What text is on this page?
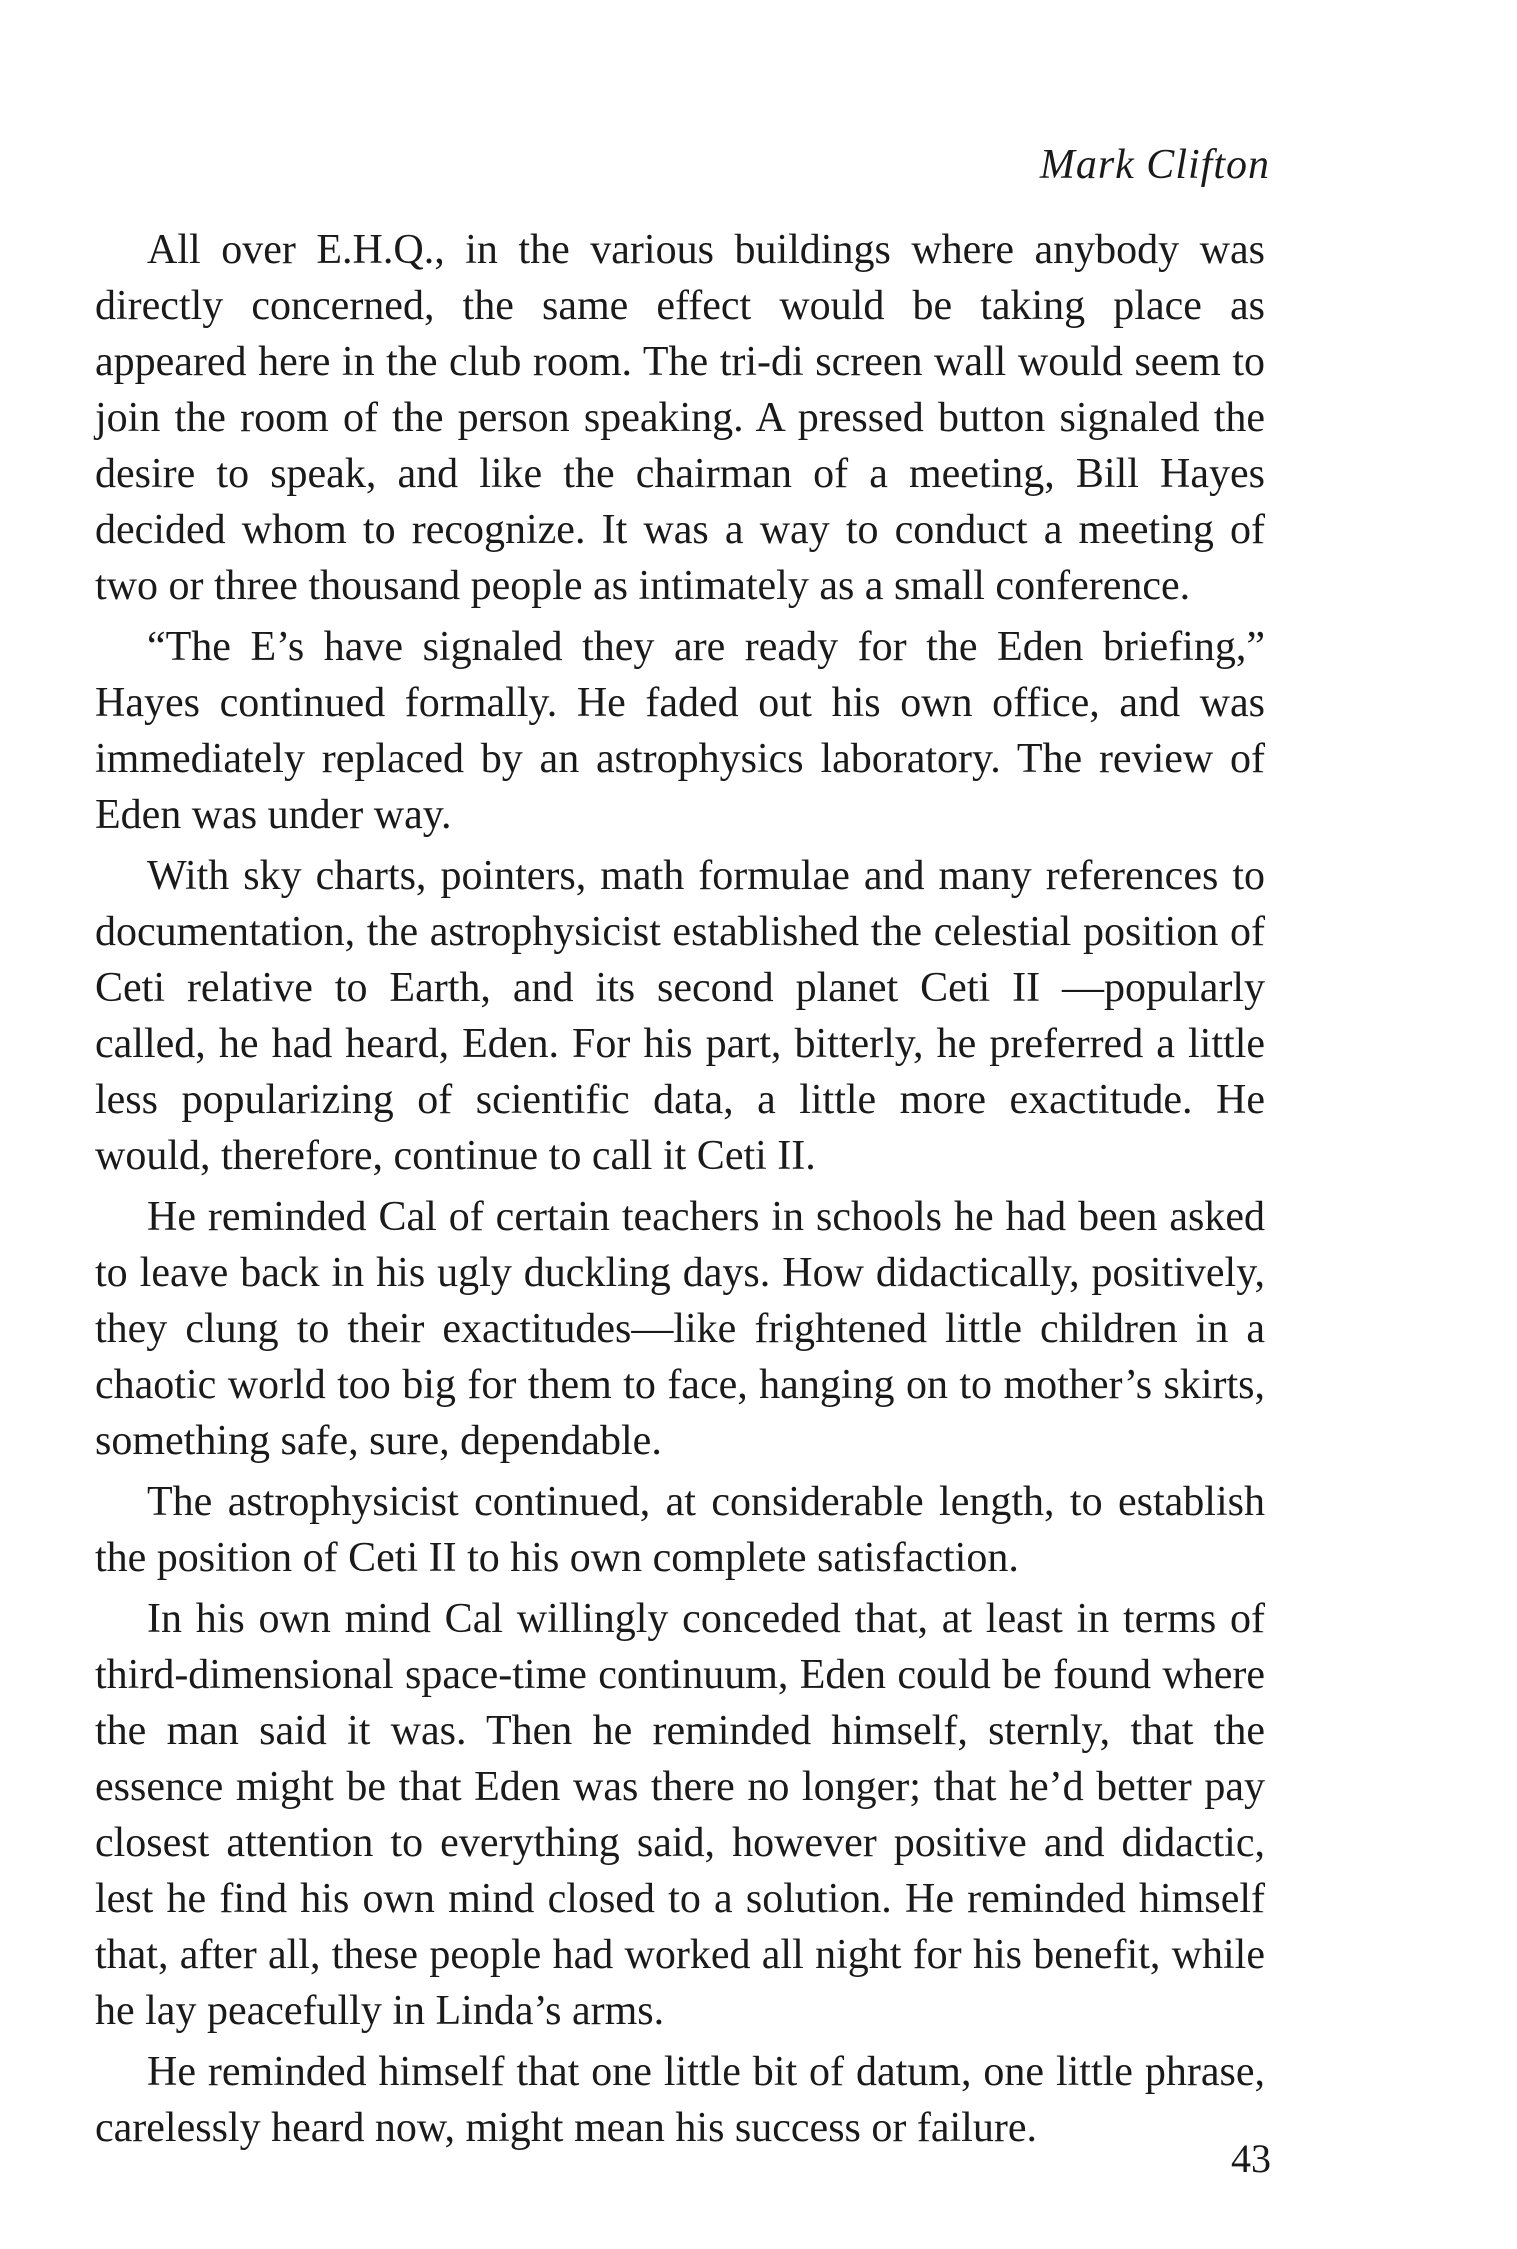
Mark Clifton

All over E.H.Q., in the various buildings where anybody was directly concerned, the same effect would be taking place as appeared here in the club room. The tri-di screen wall would seem to join the room of the person speaking. A pressed button signaled the desire to speak, and like the chairman of a meeting, Bill Hayes decided whom to recognize. It was a way to conduct a meeting of two or three thousand people as intimately as a small conference.

“The E’s have signaled they are ready for the Eden briefing,” Hayes continued formally. He faded out his own office, and was immediately replaced by an astrophysics laboratory. The review of Eden was under way.

With sky charts, pointers, math formulae and many references to documentation, the astrophysicist established the celestial position of Ceti relative to Earth, and its second planet Ceti II —popularly called, he had heard, Eden. For his part, bitterly, he preferred a little less popularizing of scientific data, a little more exactitude. He would, therefore, continue to call it Ceti II.

He reminded Cal of certain teachers in schools he had been asked to leave back in his ugly duckling days. How didactically, positively, they clung to their exactitudes—like frightened little children in a chaotic world too big for them to face, hanging on to mother’s skirts, something safe, sure, dependable.

The astrophysicist continued, at considerable length, to establish the position of Ceti II to his own complete satisfaction.

In his own mind Cal willingly conceded that, at least in terms of third-dimensional space-time continuum, Eden could be found where the man said it was. Then he reminded himself, sternly, that the essence might be that Eden was there no longer; that he’d better pay closest attention to everything said, however positive and didactic, lest he find his own mind closed to a solution. He reminded himself that, after all, these people had worked all night for his benefit, while he lay peacefully in Linda’s arms.

He reminded himself that one little bit of datum, one little phrase, carelessly heard now, might mean his success or failure.

43
